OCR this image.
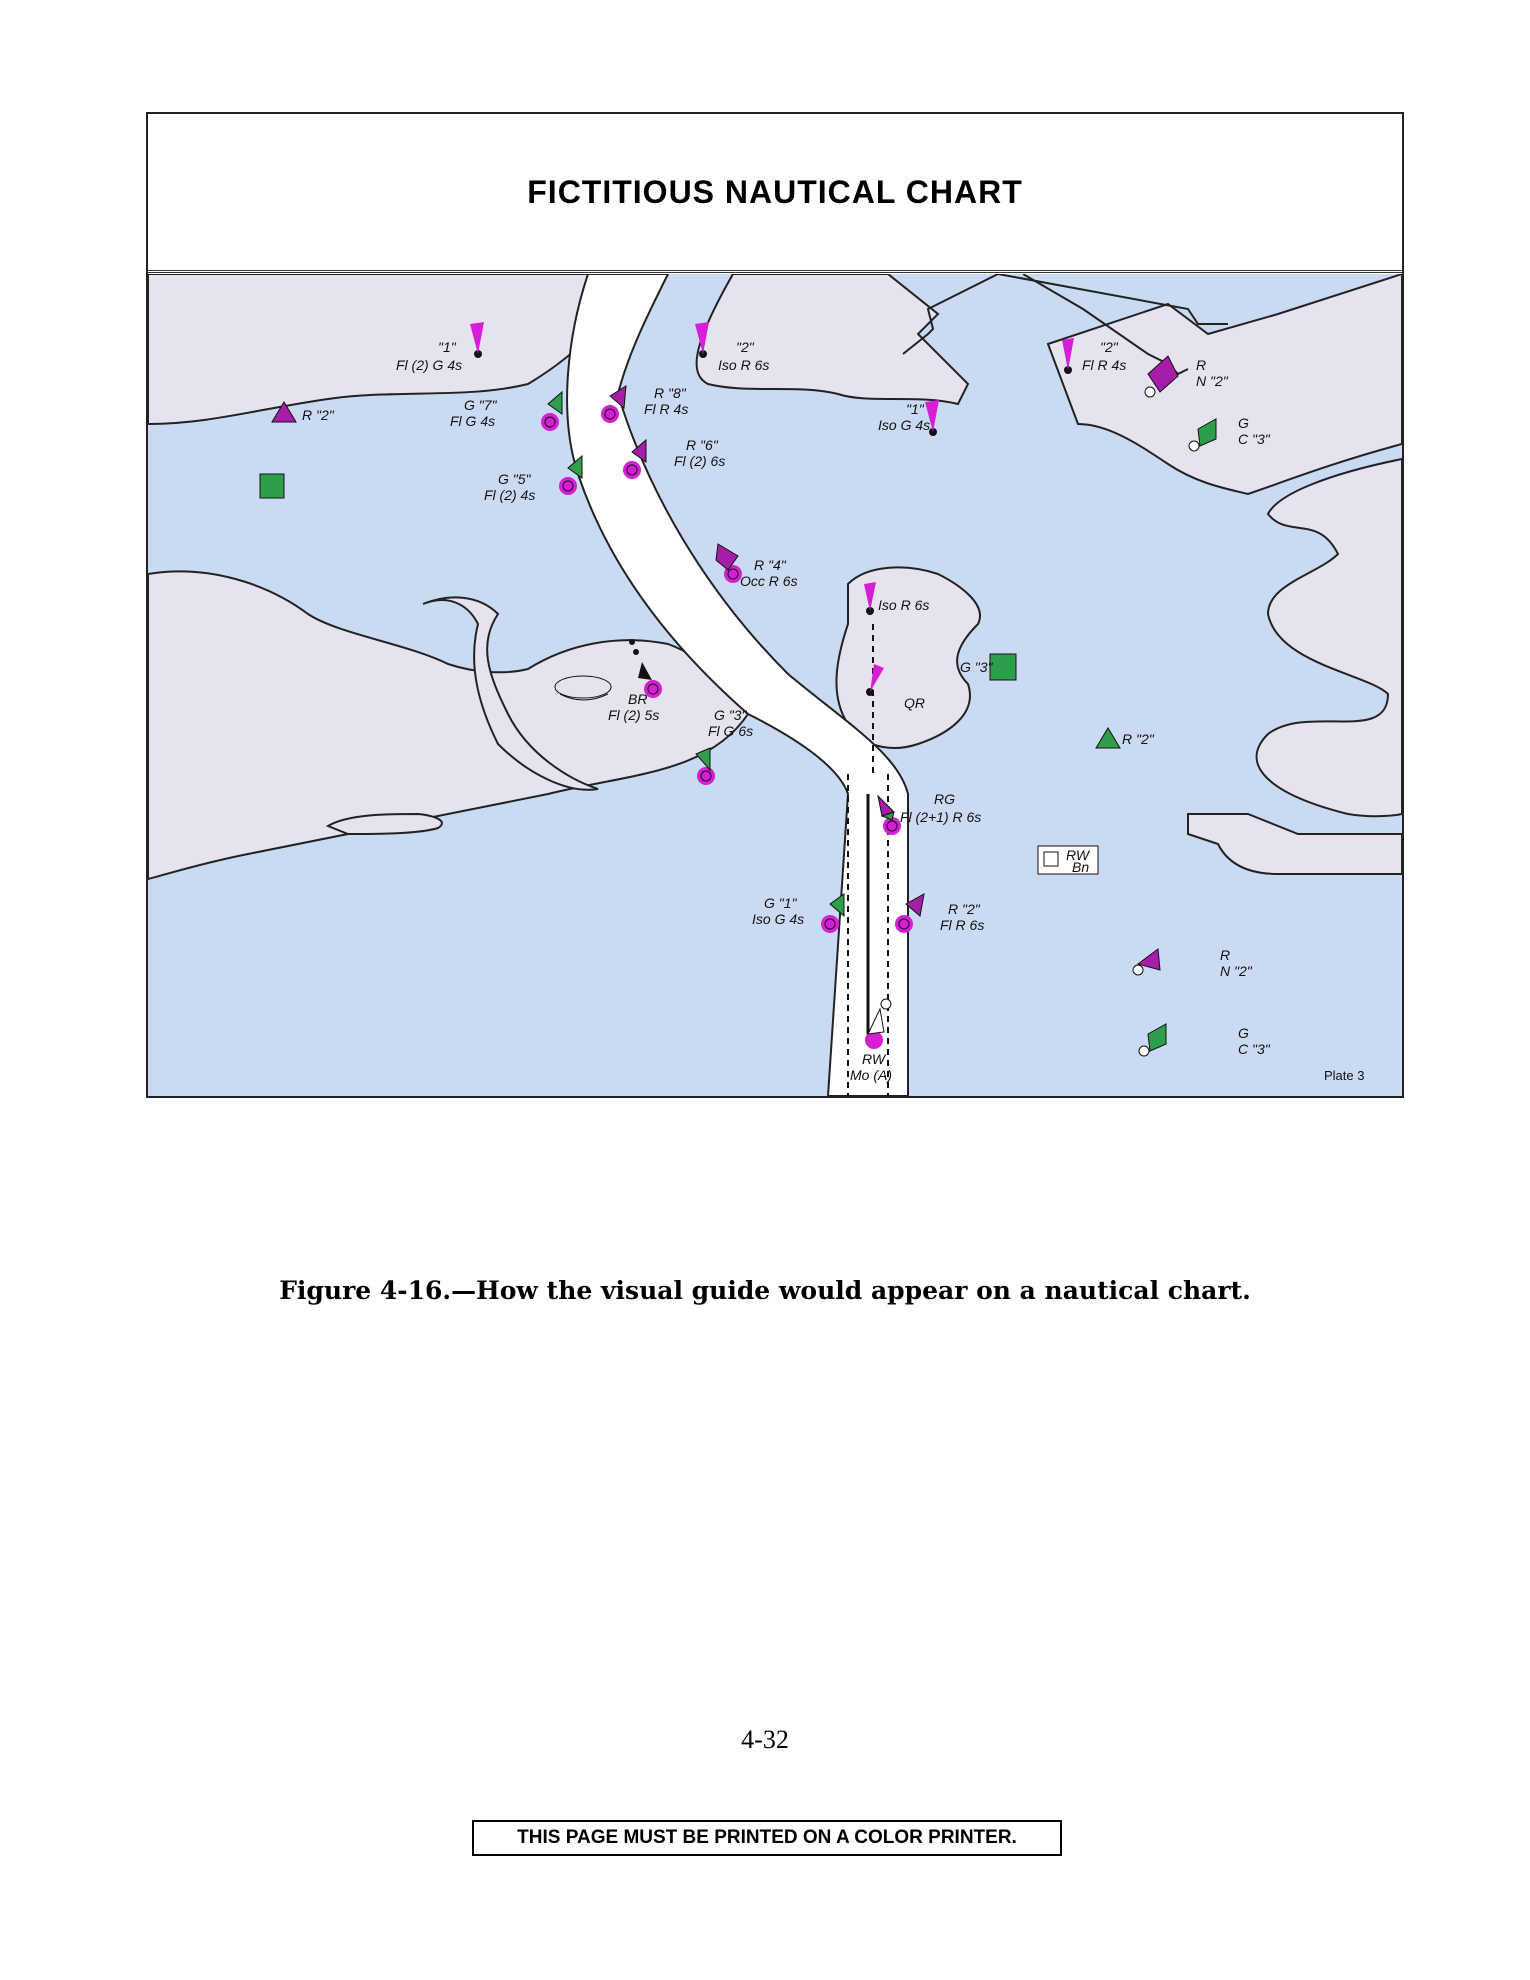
FICTITIOUS NAUTICAL CHART
"1"
Fl (2) G 4s
"2"
Iso R 6s
"1"
Iso G 4s
"2"
Fl R 4s	R
N "2"
G
C "3"
R "2"
G "7"
Fl G 4s
R "8"
Fl R 4s
R "6"
Fl (2) 6s
G "5"
Fl (2) 4s
R "4"
Occ R 6s
Iso R 6s
G "3"
QR
BR
Fl (2) 5s	G "3"
Fl G 6s	R "2"
RG
Fl (2+1) R 6s
G "1"
Iso G 4s
R "2"
Fl R 6s
R
N "2"
G
C "3"
RW
Mo (A)
RW
Bn
Plate 3
Figure 4-16.—How the visual guide would appear on a nautical chart.
4-32
THIS PAGE MUST BE PRINTED ON A COLOR PRINTER.
